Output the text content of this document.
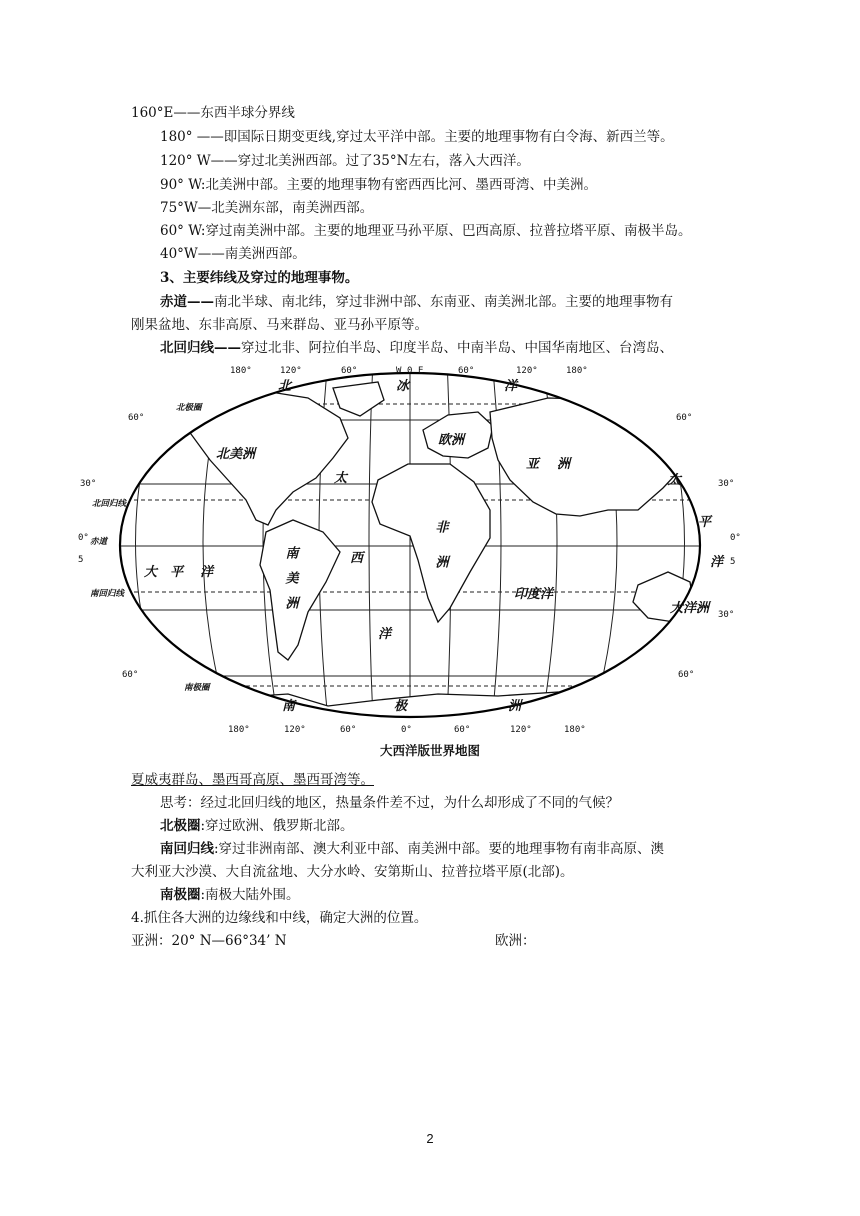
160°E——东西半球分界线
180° ——即国际日期变更线,穿过太平洋中部。主要的地理事物有白令海、新西兰等。
120° W——穿过北美洲西部。过了35°N左右，落入大西洋。
90° W:北美洲中部。主要的地理事物有密西西比河、墨西哥湾、中美洲。
75°W—北美洲东部，南美洲西部。
60° W:穿过南美洲中部。主要的地理亚马孙平原、巴西高原、拉普拉塔平原、南极半岛。
40°W——南美洲西部。
3、主要纬线及穿过的地理事物。
赤道——南北半球、南北纬，穿过非洲中部、东南亚、南美洲北部。主要的地理事物有
刚果盆地、东非高原、马来群岛、亚马孙平原等。
北回归线——穿过北非、阿拉伯半岛、印度半岛、中南半岛、中国华南地区、台湾岛、
180°	120°	60°	W 0 E	60°	120°	180°
180°	120°	60°	0°	60°	120°	180°
60°
30°
0°
5
60°
60°
30°
0°
5
30°
60°
北极圈
北回归线
赤道
南回归线
南极圈
北美洲
欧洲
亚洲
非洲
南美洲	大洋洲
北	冰	洋
太
平 洋
大
西
洋
印度洋
太
平
洋
南	极	洲
大西洋版世界地图
夏威夷群岛、墨西哥高原、墨西哥湾等。
思考：经过北回归线的地区，热量条件差不过，为什么却形成了不同的气候？
北极圈:穿过欧洲、俄罗斯北部。
南回归线:穿过非洲南部、澳大利亚中部、南美洲中部。要的地理事物有南非高原、澳
大利亚大沙漠、大自流盆地、大分水岭、安第斯山、拉普拉塔平原(北部)。
南极圈:南极大陆外围。
4.抓住各大洲的边缘线和中线，确定大洲的位置。
亚洲：20° N—66°34’ N	欧洲：
2
